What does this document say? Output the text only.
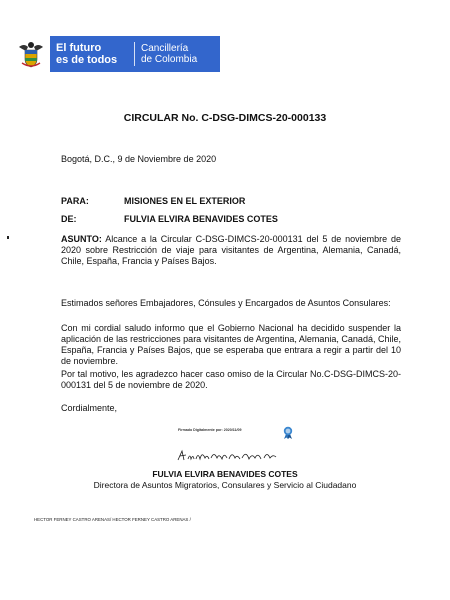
El futuro
es de todos
Cancillería
de Colombia
CIRCULAR No. C-DSG-DIMCS-20-000133
Bogotá, D.C., 9 de Noviembre de 2020
PARA:	MISIONES EN EL EXTERIOR
DE:	FULVIA ELVIRA BENAVIDES COTES
ASUNTO: Alcance a la Circular C-DSG-DIMCS-20-000131 del 5 de noviembre de 2020 sobre Restricción de viaje para visitantes de Argentina, Alemania, Canadá, Chile, España, Francia y Países Bajos.
Estimados señores Embajadores, Cónsules y Encargados de Asuntos Consulares:
Con mi cordial saludo informo que el Gobierno Nacional ha decidido suspender la aplicación de las restricciones para visitantes de Argentina, Alemania, Canadá, Chile, España, Francia y Países Bajos, que se esperaba que entrara a regir a partir del 10 de noviembre.
Por tal motivo, les agradezco hacer caso omiso de la Circular No.C-DSG-DIMCS-20-000131 del 5 de noviembre de 2020.
Cordialmente,
Firmado Digitalmente por: 2020/11/09
FULVIA ELVIRA BENAVIDES COTES
Directora de Asuntos Migratorios, Consulares y Servicio al Ciudadano
HECTOR FERNEY CASTRO ARENAS/ HECTOR FERNEY CASTRO ARENAS /
